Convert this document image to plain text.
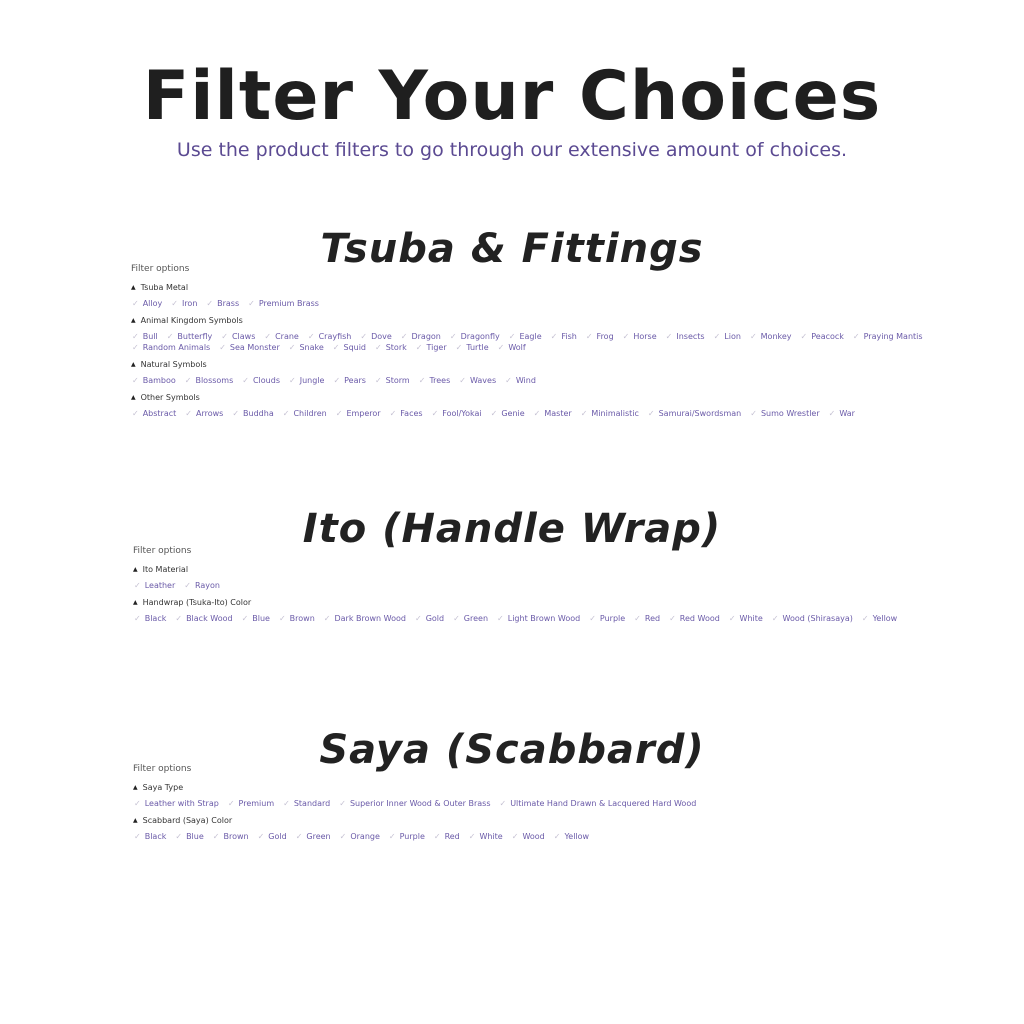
Filter Your Choices

Use the product filters to go through our extensive amount of choices.

Tsuba & Fittings

Filter options

▲ Tsuba Metal
✓ Alloy ✓ Iron ✓ Brass ✓ Premium Brass
▲ Animal Kingdom Symbols
✓ Bull ✓ Butterfly ✓ Claws ✓ Crane ✓ Crayfish ✓ Dove ✓ Dragon ✓ Dragonfly ✓ Eagle ✓ Fish ✓ Frog ✓ Horse ✓ Insects ✓ Lion ✓ Monkey ✓ Peacock ✓ Praying Mantis
✓ Random Animals ✓ Sea Monster ✓ Snake ✓ Squid ✓ Stork ✓ Tiger ✓ Turtle ✓ Wolf
▲ Natural Symbols
✓ Bamboo ✓ Blossoms ✓ Clouds ✓ Jungle ✓ Pears ✓ Storm ✓ Trees ✓ Waves ✓ Wind
▲ Other Symbols
✓ Abstract ✓ Arrows ✓ Buddha ✓ Children ✓ Emperor ✓ Faces ✓ Fool/Yokai ✓ Genie ✓ Master ✓ Minimalistic ✓ Samurai/Swordsman ✓ Sumo Wrestler ✓ War
Ito (Handle Wrap)

Filter options

▲ Ito Material
✓ Leather ✓ Rayon
▲ Handwrap (Tsuka-Ito) Color
✓ Black ✓ Black Wood ✓ Blue ✓ Brown ✓ Dark Brown Wood ✓ Gold ✓ Green ✓ Light Brown Wood ✓ Purple ✓ Red ✓ Red Wood ✓ White ✓ Wood (Shirasaya) ✓ Yellow
Saya (Scabbard)

Filter options

▲ Saya Type
✓ Leather with Strap ✓ Premium ✓ Standard ✓ Superior Inner Wood & Outer Brass ✓ Ultimate Hand Drawn & Lacquered Hard Wood
▲ Scabbard (Saya) Color
✓ Black ✓ Blue ✓ Brown ✓ Gold ✓ Green ✓ Orange ✓ Purple ✓ Red ✓ White ✓ Wood ✓ Yellow
